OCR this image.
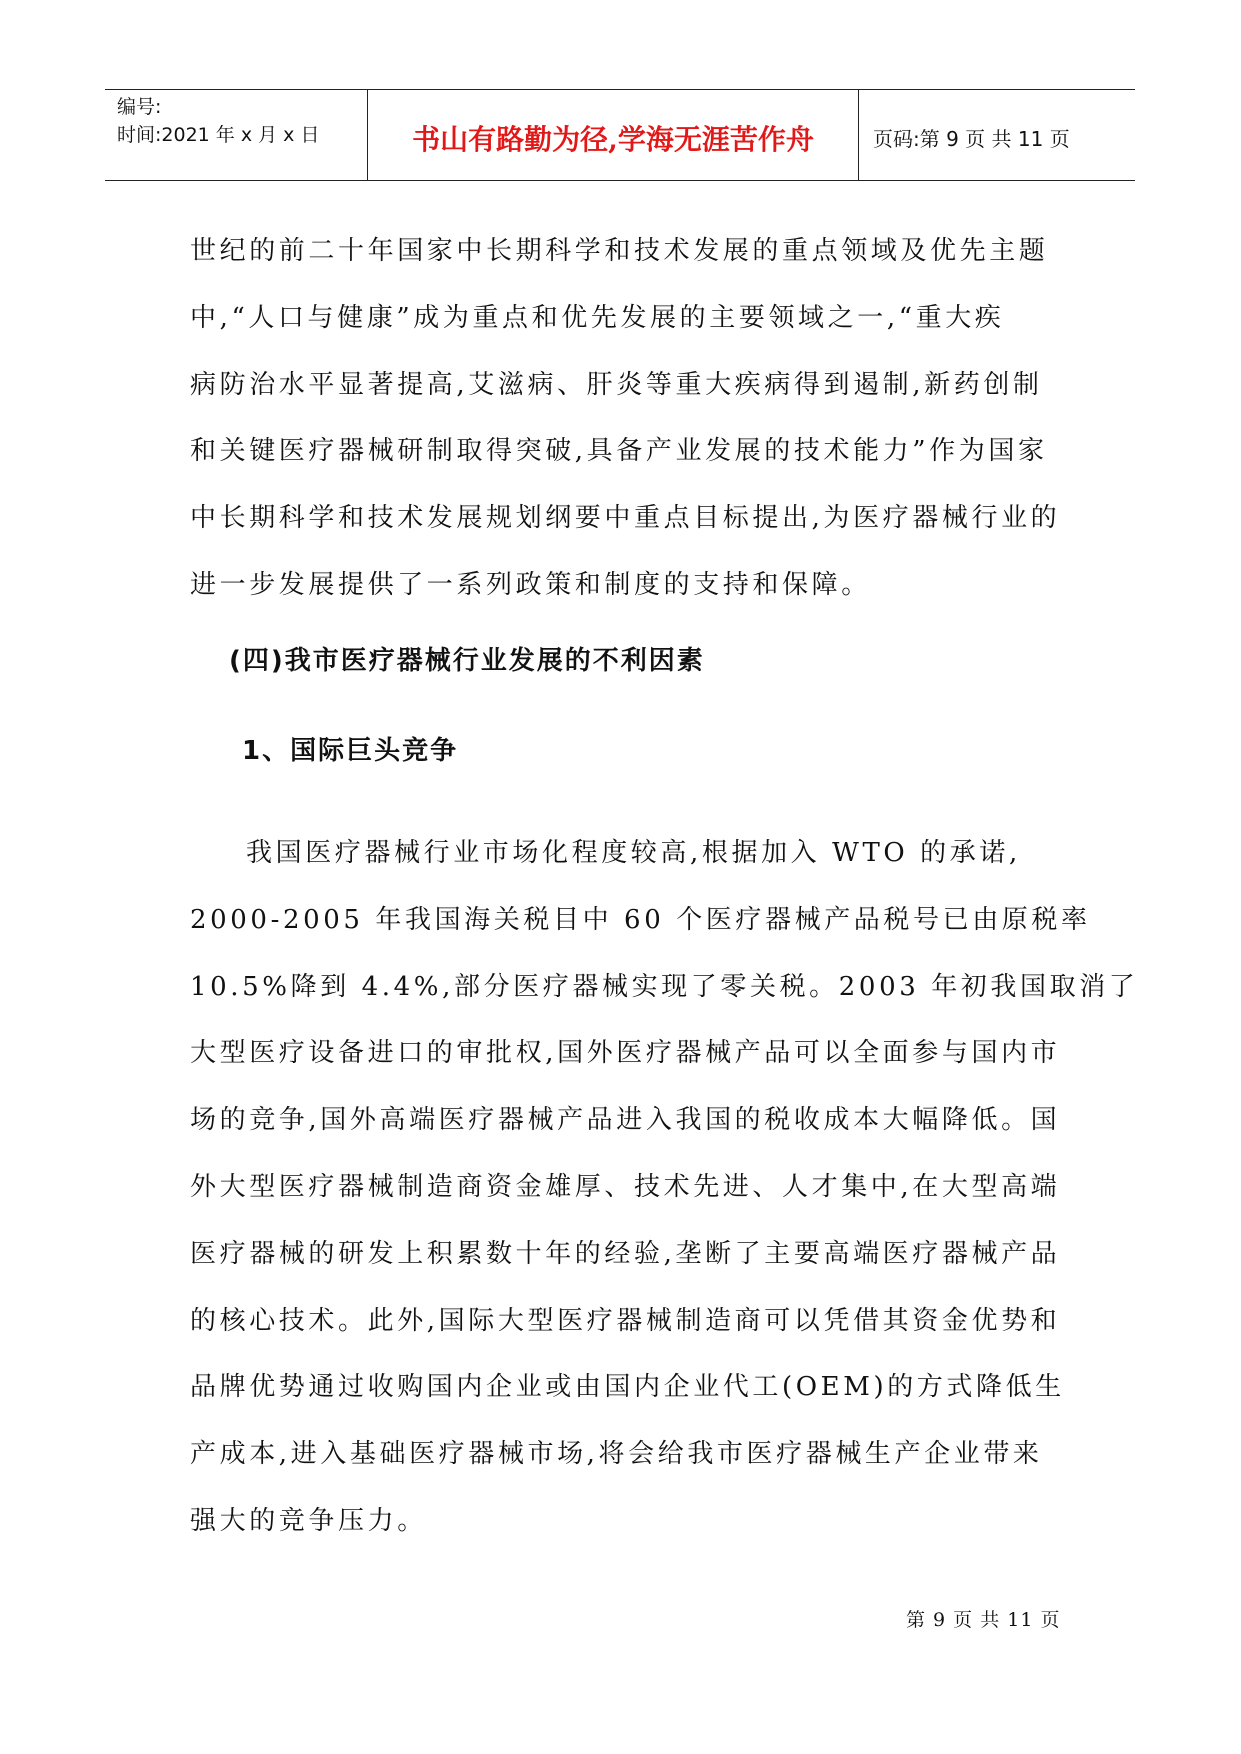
编号:
时间:2021 年 x 月 x 日	书山有路勤为径,学海无涯苦作舟	页码:第 9 页 共 11 页

世纪的前二十年国家中长期科学和技术发展的重点领域及优先主题
中,“人口与健康”成为重点和优先发展的主要领域之一,“重大疾
病防治水平显著提高,艾滋病、肝炎等重大疾病得到遏制,新药创制
和关键医疗器械研制取得突破,具备产业发展的技术能力”作为国家
中长期科学和技术发展规划纲要中重点目标提出,为医疗器械行业的
进一步发展提供了一系列政策和制度的支持和保障。

(四)我市医疗器械行业发展的不利因素
1、国际巨头竞争

我国医疗器械行业市场化程度较高,根据加入 WTO 的承诺,
2000-2005 年我国海关税目中 60 个医疗器械产品税号已由原税率
10.5%降到 4.4%,部分医疗器械实现了零关税。2003 年初我国取消了
大型医疗设备进口的审批权,国外医疗器械产品可以全面参与国内市
场的竞争,国外高端医疗器械产品进入我国的税收成本大幅降低。国
外大型医疗器械制造商资金雄厚、技术先进、人才集中,在大型高端
医疗器械的研发上积累数十年的经验,垄断了主要高端医疗器械产品
的核心技术。此外,国际大型医疗器械制造商可以凭借其资金优势和
品牌优势通过收购国内企业或由国内企业代工(OEM)的方式降低生
产成本,进入基础医疗器械市场,将会给我市医疗器械生产企业带来
强大的竞争压力。

第 9 页 共 11 页
